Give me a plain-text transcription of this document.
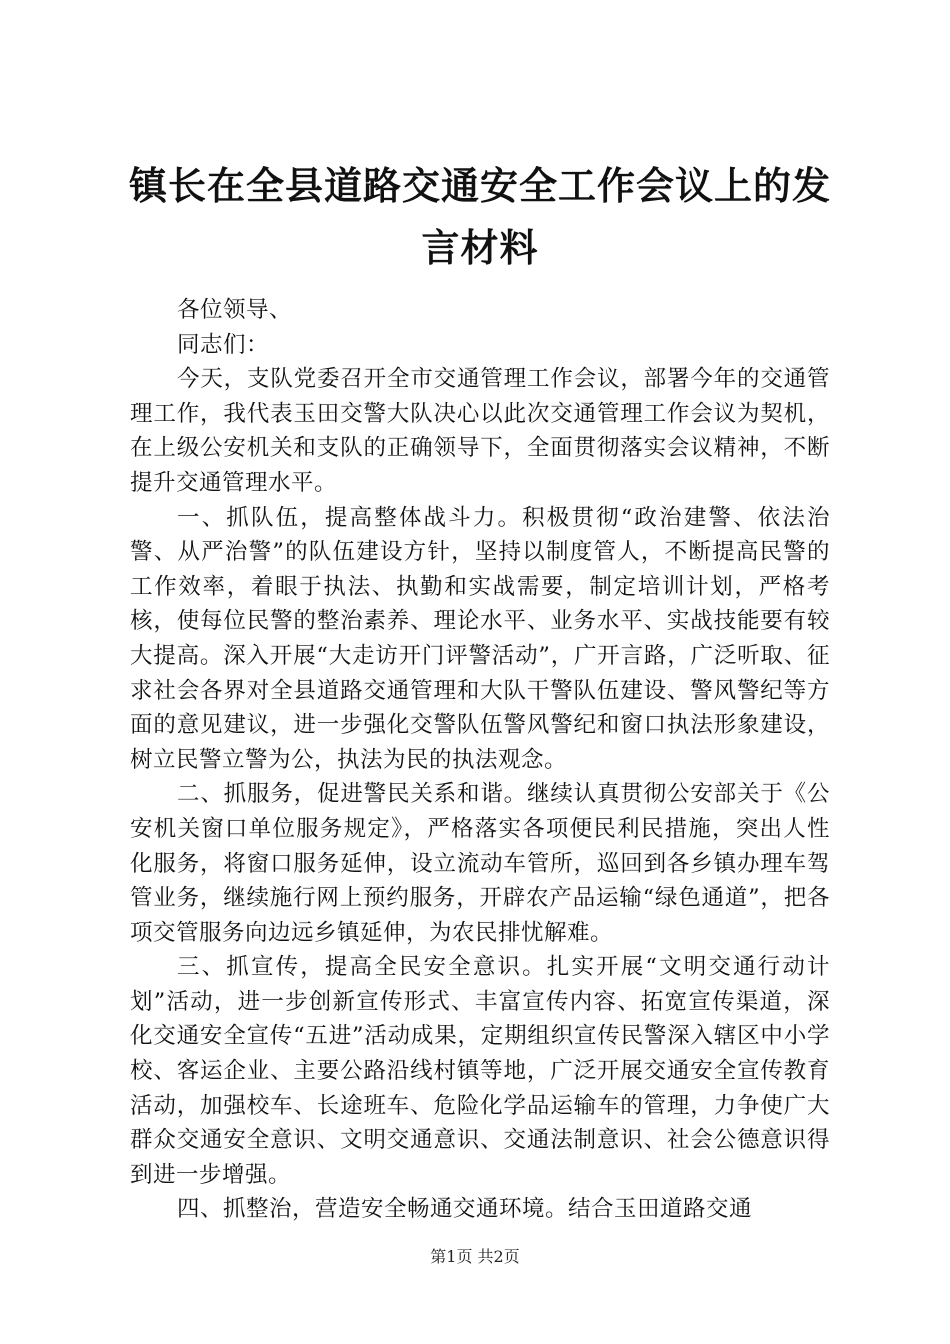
镇长在全县道路交通安全工作会议上的发言材料

各位领导、

同志们：

今天，支队党委召开全市交通管理工作会议，部署今年的交通管理工作，我代表玉田交警大队决心以此次交通管理工作会议为契机，在上级公安机关和支队的正确领导下，全面贯彻落实会议精神，不断提升交通管理水平。

一、抓队伍，提高整体战斗力。积极贯彻“政治建警、依法治警、从严治警”的队伍建设方针，坚持以制度管人，不断提高民警的工作效率，着眼于执法、执勤和实战需要，制定培训计划，严格考核，使每位民警的整治素养、理论水平、业务水平、实战技能要有较大提高。深入开展“大走访开门评警活动”，广开言路，广泛听取、征求社会各界对全县道路交通管理和大队干警队伍建设、警风警纪等方面的意见建议，进一步强化交警队伍警风警纪和窗口执法形象建设，树立民警立警为公，执法为民的执法观念。

二、抓服务，促进警民关系和谐。继续认真贯彻公安部关于《公安机关窗口单位服务规定》，严格落实各项便民利民措施，突出人性化服务，将窗口服务延伸，设立流动车管所，巡回到各乡镇办理车驾管业务，继续施行网上预约服务，开辟农产品运输“绿色通道”，把各项交管服务向边远乡镇延伸，为农民排忧解难。

三、抓宣传，提高全民安全意识。扎实开展“文明交通行动计划”活动，进一步创新宣传形式、丰富宣传内容、拓宽宣传渠道，深化交通安全宣传“五进”活动成果，定期组织宣传民警深入辖区中小学校、客运企业、主要公路沿线村镇等地，广泛开展交通安全宣传教育活动，加强校车、长途班车、危险化学品运输车的管理，力争使广大群众交通安全意识、文明交通意识、交通法制意识、社会公德意识得到进一步增强。

四、抓整治，营造安全畅通交通环境。结合玉田道路交通

第1页 共2页
